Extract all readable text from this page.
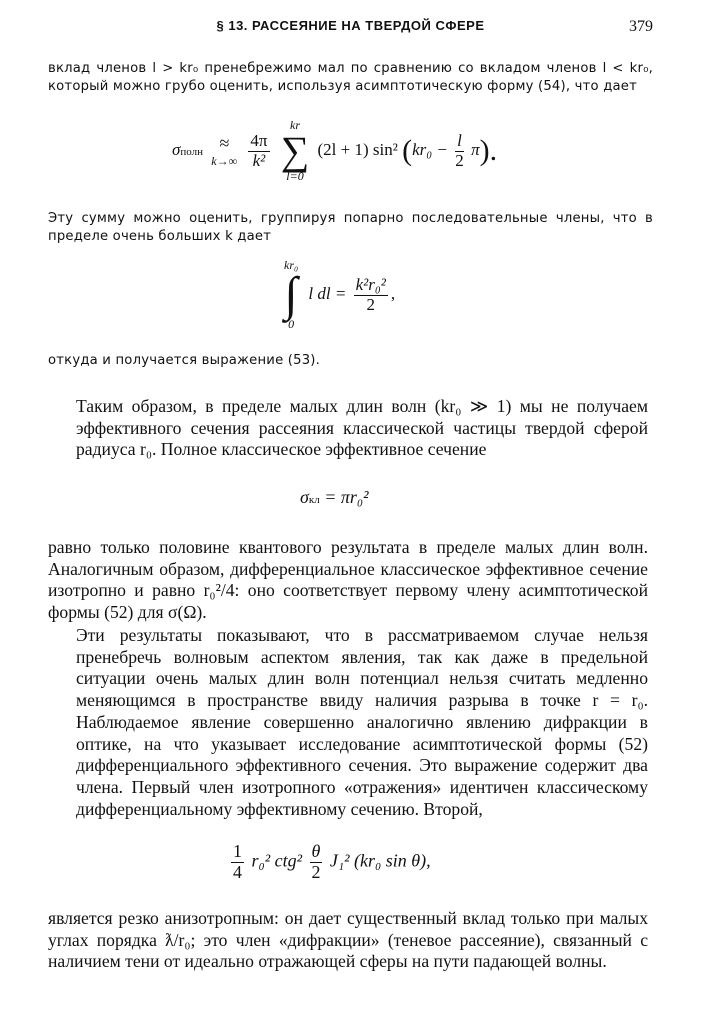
§ 13. РАССЕЯНИЕ НА ТВЕРДОЙ СФЕРЕ	379
вклад членов l > kr₀ пренебрежимо мал по сравнению со вкладом членов l < kr₀, который можно грубо оценить, используя асимптотическую форму (54), что дает
σполн ≈
k→∞
$\frac{4\pi}{\text{k²}}$

kr
∑
l=0
(2l + 1) sin² $(kr_0 - \frac{l}{2} \pi)$.
Эту сумму можно оценить, группируя попарно последовательные члены, что в пределе очень больших k дает
kr₀
∫
0
l dl = $\frac{\text{k²r₀²}}{2}$ ,
откуда и получается выражение (53).
Таким образом, в пределе малых длин волн (kr₀ ≫ 1) мы не получаем эффективного сечения рассеяния классической частицы твердой сферой радиуса r₀. Полное классическое эффективное сечение
σкл = πr₀²
равно только половине квантового результата в пределе малых длин волн. Аналогичным образом, дифференциальное классическое эффективное сечение изотропно и равно r₀²/4: оно соответствует первому члену асимптотической формы (52) для σ(Ω).
Эти результаты показывают, что в рассматриваемом случае нельзя пренебречь волновым аспектом явления, так как даже в предельной ситуации очень малых длин волн потенциал нельзя считать медленно меняющимся в пространстве ввиду наличия разрыва в точке r = r₀. Наблюдаемое явление совершенно аналогично явлению дифракции в оптике, на что указывает исследование асимптотической формы (52) дифференциального эффективного сечения. Это выражение содержит два члена. Первый член изотропного «отражения» идентичен классическому дифференциальному эффективному сечению. Второй,
$\frac{1}{4} r_0^2$ $ctg^2 \frac{\theta}{2} J_1^2$ (kr₀ sin θ),
является резко анизотропным: он дает существенный вклад только при малых углах порядка ƛ/r₀; это член «дифракции» (теневое рассеяние), связанный с наличием тени от идеально отражающей сферы на пути падающей волны.
